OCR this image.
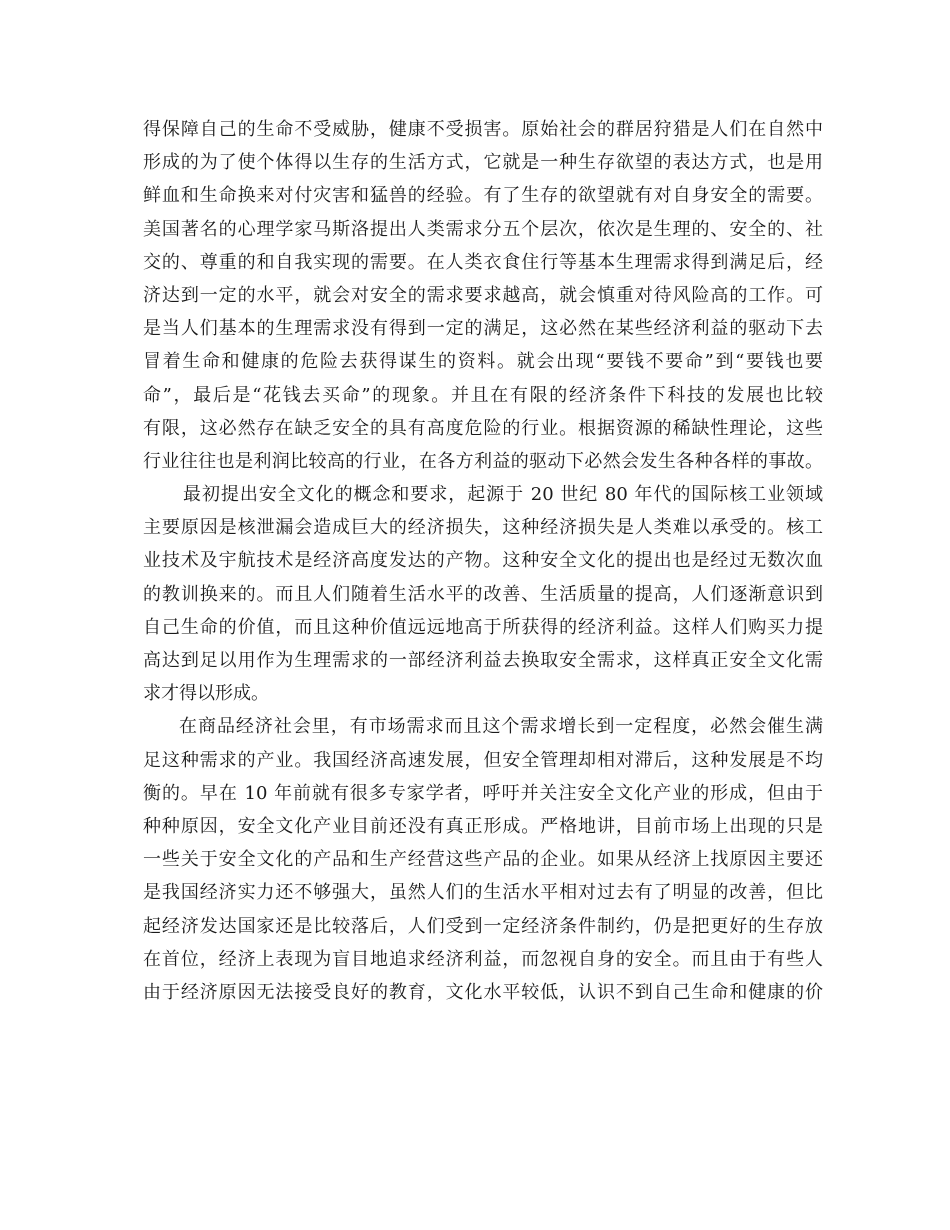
得保障自己的生命不受威胁，健康不受损害。原始社会的群居狩猎是人们在自然中
形成的为了使个体得以生存的生活方式，它就是一种生存欲望的表达方式，也是用
鲜血和生命换来对付灾害和猛兽的经验。有了生存的欲望就有对自身安全的需要。
美国著名的心理学家马斯洛提出人类需求分五个层次，依次是生理的、安全的、社
交的、尊重的和自我实现的需要。在人类衣食住行等基本生理需求得到满足后，经
济达到一定的水平，就会对安全的需求要求越高，就会慎重对待风险高的工作。可
是当人们基本的生理需求没有得到一定的满足，这必然在某些经济利益的驱动下去
冒着生命和健康的危险去获得谋生的资料。就会出现“要钱不要命”到“要钱也要
命”，最后是“花钱去买命”的现象。并且在有限的经济条件下科技的发展也比较
有限，这必然存在缺乏安全的具有高度危险的行业。根据资源的稀缺性理论，这些
行业往往也是利润比较高的行业，在各方利益的驱动下必然会发生各种各样的事故。
最初提出安全文化的概念和要求，起源于 20 世纪 80 年代的国际核工业领域
主要原因是核泄漏会造成巨大的经济损失，这种经济损失是人类难以承受的。核工
业技术及宇航技术是经济高度发达的产物。这种安全文化的提出也是经过无数次血
的教训换来的。而且人们随着生活水平的改善、生活质量的提高，人们逐渐意识到
自己生命的价值，而且这种价值远远地高于所获得的经济利益。这样人们购买力提
高达到足以用作为生理需求的一部经济利益去换取安全需求，这样真正安全文化需
求才得以形成。
在商品经济社会里，有市场需求而且这个需求增长到一定程度，必然会催生满
足这种需求的产业。我国经济高速发展，但安全管理却相对滞后，这种发展是不均
衡的。早在 10 年前就有很多专家学者，呼吁并关注安全文化产业的形成，但由于
种种原因，安全文化产业目前还没有真正形成。严格地讲，目前市场上出现的只是
一些关于安全文化的产品和生产经营这些产品的企业。如果从经济上找原因主要还
是我国经济实力还不够强大，虽然人们的生活水平相对过去有了明显的改善，但比
起经济发达国家还是比较落后，人们受到一定经济条件制约，仍是把更好的生存放
在首位，经济上表现为盲目地追求经济利益，而忽视自身的安全。而且由于有些人
由于经济原因无法接受良好的教育，文化水平较低，认识不到自己生命和健康的价
